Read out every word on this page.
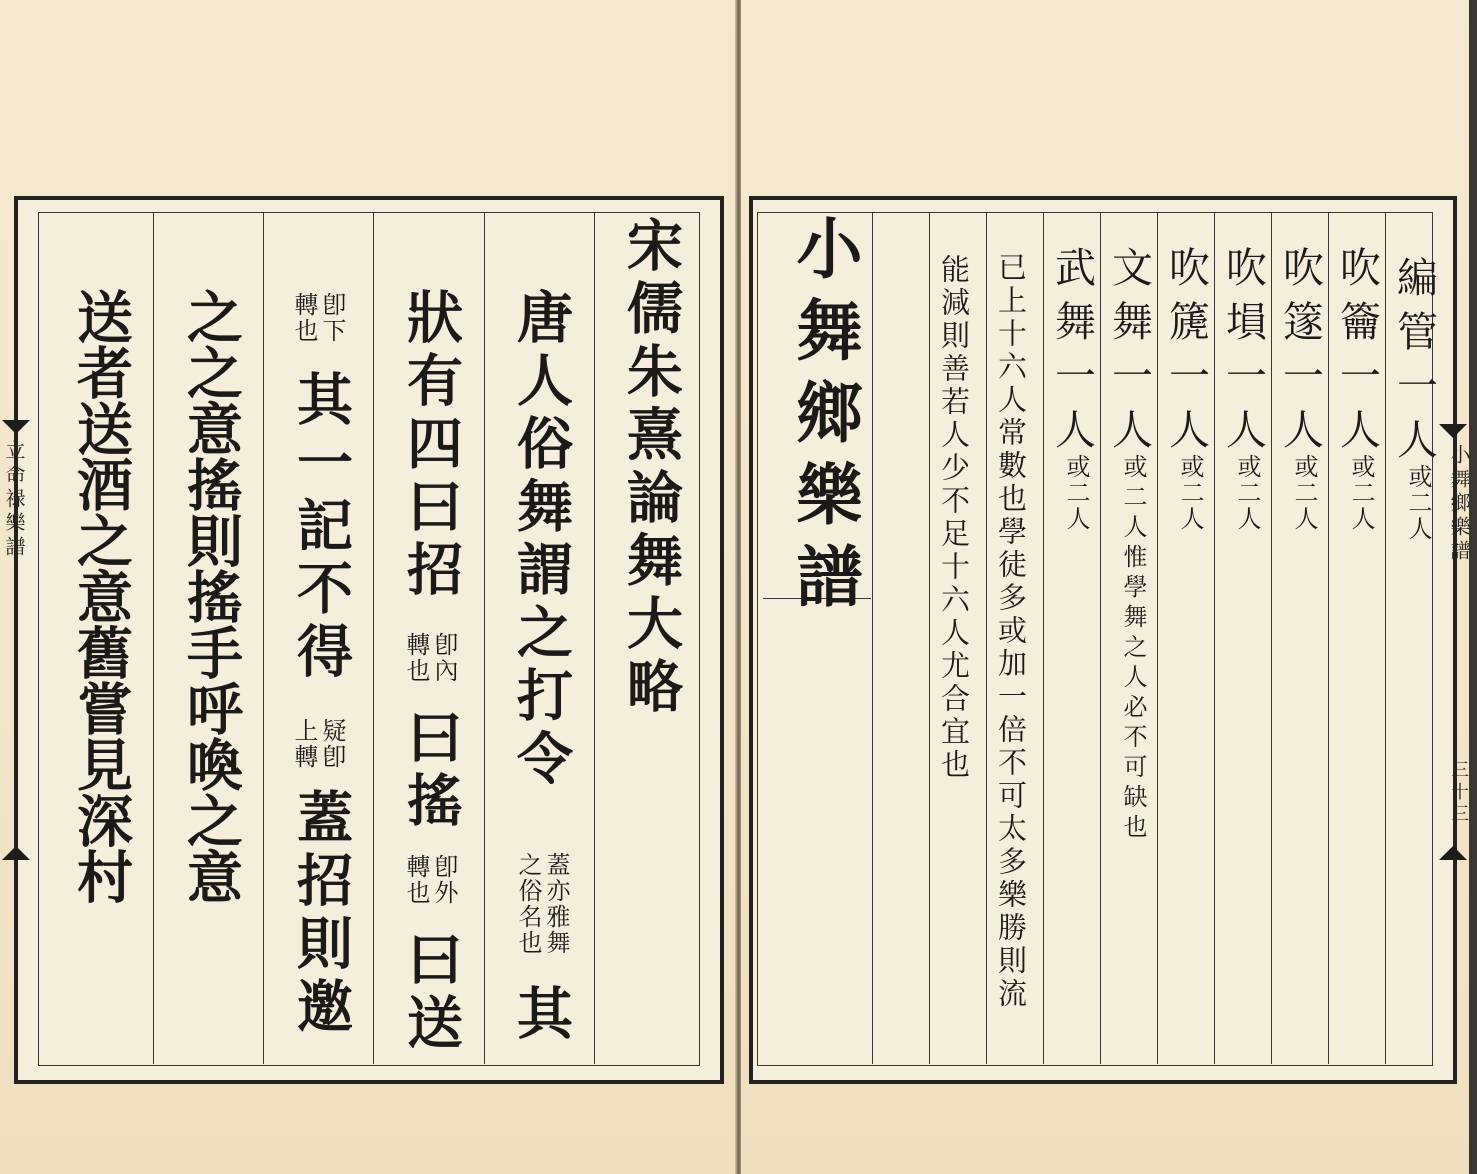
宋儒朱熹論舞大略
唐人俗舞謂之打令
蓋亦雅舞
之俗名也
其
狀有四曰招
卽內
轉也
曰搖
卽外
轉也
曰送
卽下
轉也
其一記不得
疑卽
上轉
蓋招則邀
之之意搖則搖手呼喚之意
送者送酒之意舊嘗見深村
立命禄樂譜
編管一人
或二人
吹籥一人
或二人
吹篴一人
或二人
吹塤一人
或二人
吹篪一人
或二人
文舞一人
或二人惟學舞之人必不可缺也
武舞一人
或二人
已上十六人常數也學徒多或加一倍不可太多樂勝則流
能減則善若人少不足十六人尤合宜也
小舞鄉樂譜	小舞鄉樂譜
三十三
